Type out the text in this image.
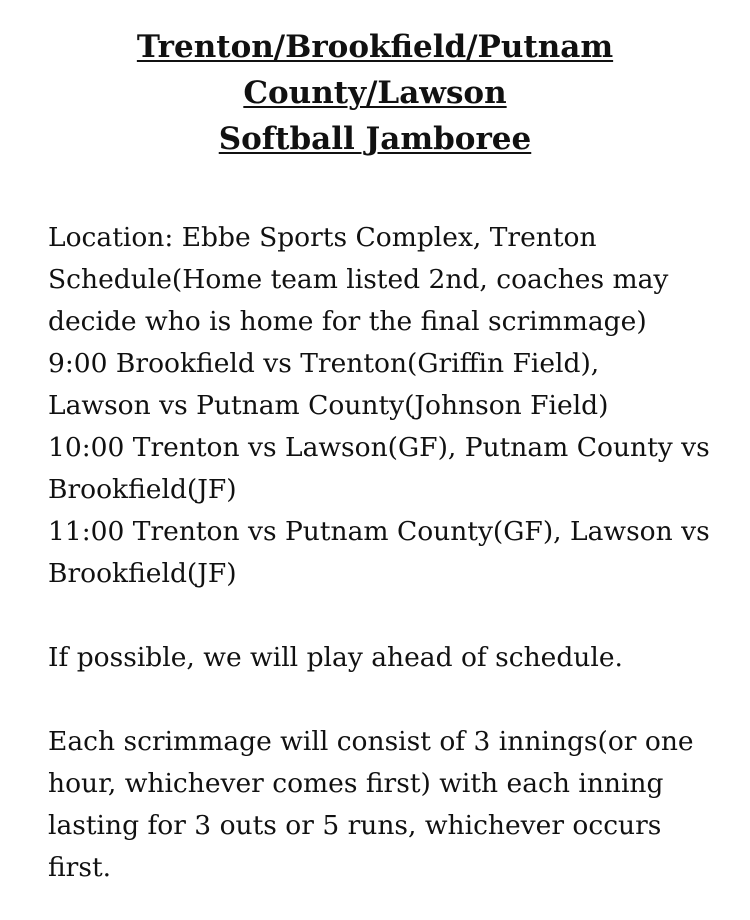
Trenton/Brookfield/Putnam
County/Lawson
Softball Jamboree
Location: Ebbe Sports Complex, Trenton
Schedule(Home team listed 2nd, coaches may
decide who is home for the final scrimmage)
9:00 Brookfield vs Trenton(Griffin Field),
Lawson vs Putnam County(Johnson Field)
10:00 Trenton vs Lawson(GF), Putnam County vs
Brookfield(JF)
11:00 Trenton vs Putnam County(GF), Lawson vs
Brookfield(JF)
If possible, we will play ahead of schedule.
Each scrimmage will consist of 3 innings(or one
hour, whichever comes first) with each inning
lasting for 3 outs or 5 runs, whichever occurs
first.
